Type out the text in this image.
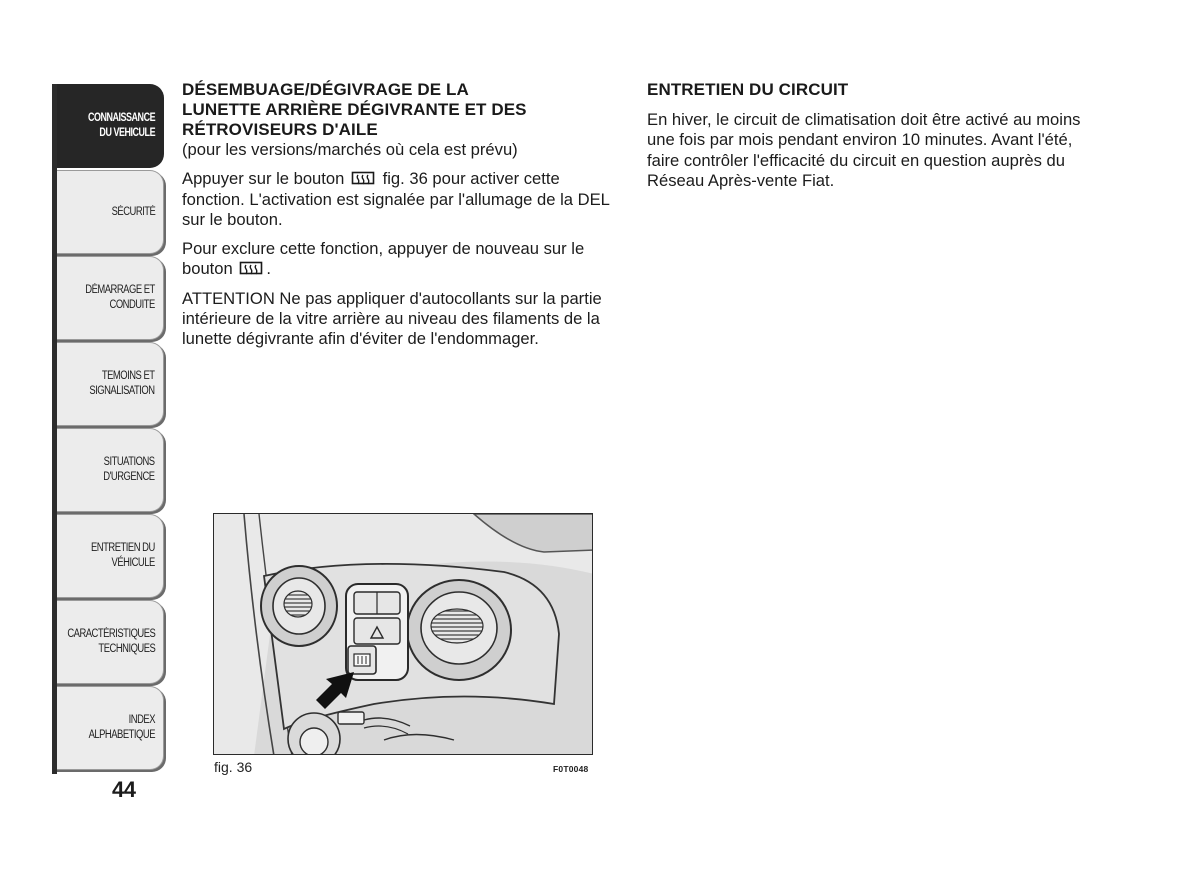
CONNAISSANCE
DU VEHICULE
SÉCURITÉ
DÉMARRAGE ET
CONDUITE
TEMOINS ET
SIGNALISATION
SITUATIONS
D'URGENCE
ENTRETIEN DU
VÉHICULE
CARACTÉRISTIQUES
TECHNIQUES
INDEX
ALPHABETIQUE
44
DÉSEMBUAGE/DÉGIVRAGE DE LA
LUNETTE ARRIÈRE DÉGIVRANTE ET DES
RÉTROVISEURS D'AILE

(pour les versions/marchés où cela est prévu)

Appuyer sur le bouton fig. 36 pour activer cette fonction. L'activation est signalée par l'allumage de la DEL sur le bouton.

Pour exclure cette fonction, appuyer de nouveau sur le bouton .

ATTENTION Ne pas appliquer d'autocollants sur la partie intérieure de la vitre arrière au niveau des filaments de la lunette dégivrante afin d'éviter de l'endommager.

ENTRETIEN DU CIRCUIT

En hiver, le circuit de climatisation doit être activé au moins une fois par mois pendant environ 10 minutes. Avant l'été, faire contrôler l'efficacité du circuit en question auprès du Réseau Après-vente Fiat.

fig. 36	F0T0048
